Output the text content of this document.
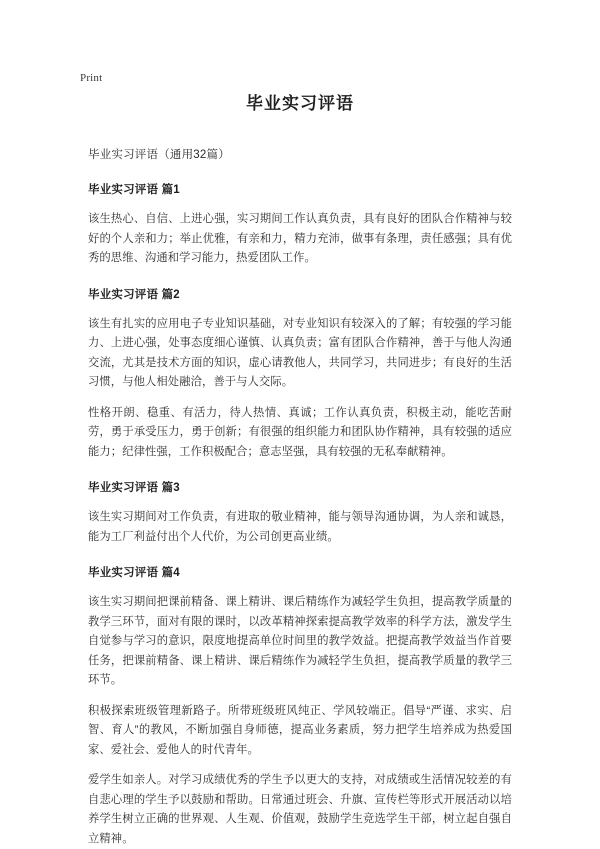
Print
毕业实习评语

毕业实习评语（通用32篇）

毕业实习评语 篇1

该生热心、自信、上进心强，实习期间工作认真负责，具有良好的团队合作精神与较好的个人亲和力；举止优雅，有亲和力，精力充沛，做事有条理，责任感强；具有优秀的思维、沟通和学习能力，热爱团队工作。

毕业实习评语 篇2

该生有扎实的应用电子专业知识基础，对专业知识有较深入的了解；有较强的学习能力、上进心强，处事态度细心谨慎、认真负责；富有团队合作精神，善于与他人沟通交流，尤其是技术方面的知识，虚心请教他人，共同学习，共同进步；有良好的生活习惯，与他人相处融洽，善于与人交际。

性格开朗、稳重、有活力，待人热情、真诚；工作认真负责，积极主动，能吃苦耐劳，勇于承受压力，勇于创新；有很强的组织能力和团队协作精神，具有较强的适应能力；纪律性强，工作积极配合；意志坚强，具有较强的无私奉献精神。

毕业实习评语 篇3

该生实习期间对工作负责，有进取的敬业精神，能与领导沟通协调，为人亲和诚恳，能为工厂利益付出个人代价，为公司创更高业绩。

毕业实习评语 篇4

该生实习期间把课前精备、课上精讲、课后精练作为减轻学生负担，提高教学质量的教学三环节，面对有限的课时，以改革精神探索提高教学效率的科学方法，激发学生自觉参与学习的意识，限度地提高单位时间里的教学效益。把提高教学效益当作首要任务，把课前精备、课上精讲、课后精练作为减轻学生负担，提高教学质量的教学三环节。

积极探索班级管理新路子。所带班级班风纯正、学风较端正。倡导“严谨、求实、启智、育人”的教风，不断加强自身师德，提高业务素质，努力把学生培养成为热爱国家、爱社会、爱他人的时代青年。

爱学生如亲人。对学习成绩优秀的学生予以更大的支持，对成绩或生活情况较差的有自悲心理的学生予以鼓励和帮助。日常通过班会、升旗、宣传栏等形式开展活动以培养学生树立正确的世界观、人生观、价值观，鼓励学生竞选学生干部，树立起自强自立精神。
